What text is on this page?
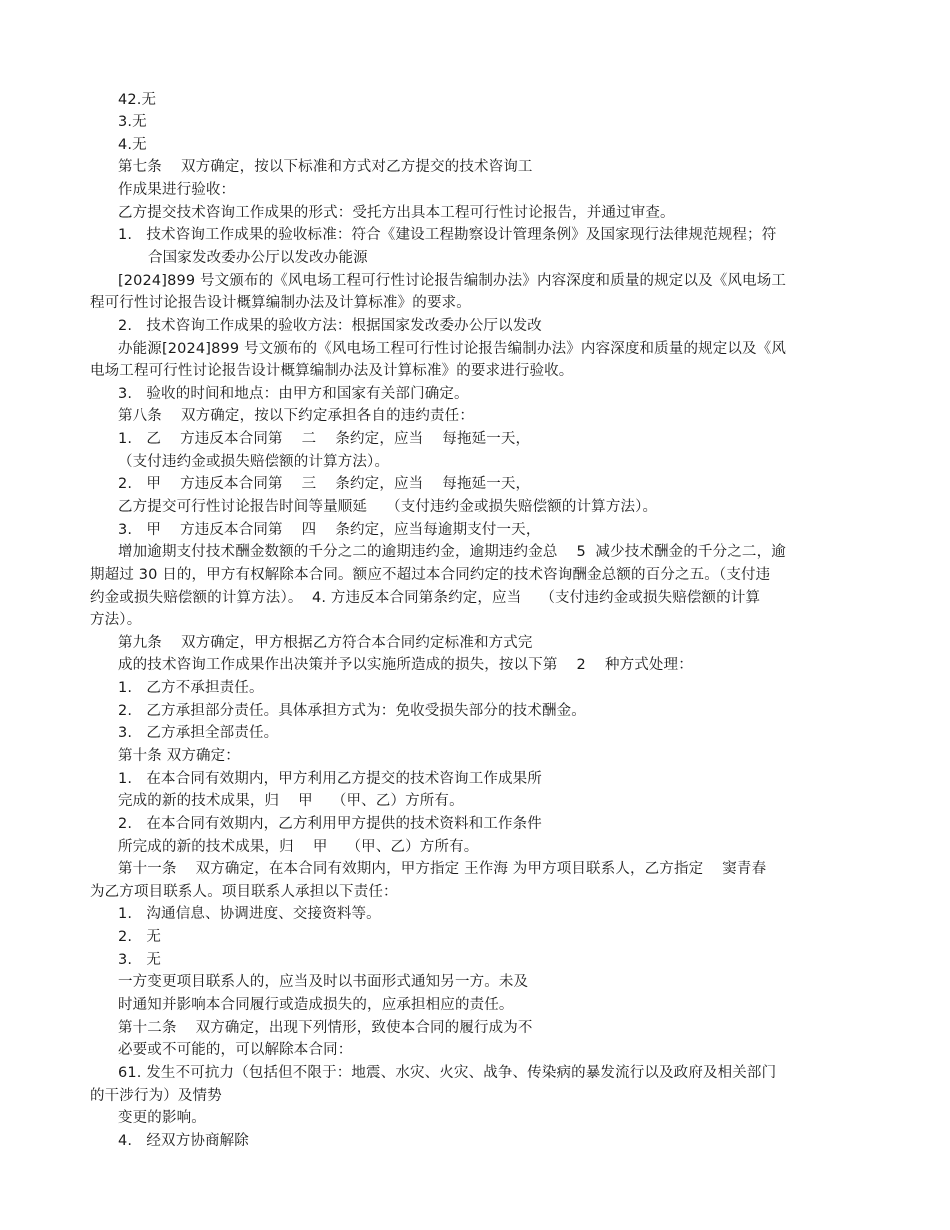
42.无
3.无
4.无
第七条    双方确定，按以下标准和方式对乙方提交的技术咨询工
作成果进行验收：
乙方提交技术咨询工作成果的形式：受托方出具本工程可行性讨论报告，并通过审查。
1.   技术咨询工作成果的验收标准：符合《建设工程勘察设计管理条例》及国家现行法律规范规程；符
合国家发改委办公厅以发改办能源
[2024]899 号文颁布的《风电场工程可行性讨论报告编制办法》内容深度和质量的规定以及《风电场工
程可行性讨论报告设计概算编制办法及计算标准》的要求。
2.   技术咨询工作成果的验收方法：根据国家发改委办公厅以发改
办能源[2024]899 号文颁布的《风电场工程可行性讨论报告编制办法》内容深度和质量的规定以及《风
电场工程可行性讨论报告设计概算编制办法及计算标准》的要求进行验收。
3.   验收的时间和地点：由甲方和国家有关部门确定。
第八条    双方确定，按以下约定承担各自的违约责任：
1.   乙    方违反本合同第    二    条约定，应当    每拖延一天，
（支付违约金或损失赔偿额的计算方法）。
2.   甲    方违反本合同第    三    条约定，应当    每拖延一天，
乙方提交可行性讨论报告时间等量顺延    （支付违约金或损失赔偿额的计算方法）。
3.   甲    方违反本合同第    四    条约定，应当每逾期支付一天，
增加逾期支付技术酬金数额的千分之二的逾期违约金，逾期违约金总    5  减少技术酬金的千分之二，逾
期超过 30 日的，甲方有权解除本合同。额应不超过本合同约定的技术咨询酬金总额的百分之五。（支付违
约金或损失赔偿额的计算方法）。  4. 方违反本合同第条约定，应当    （支付违约金或损失赔偿额的计算
方法）。
第九条    双方确定，甲方根据乙方符合本合同约定标准和方式完
成的技术咨询工作成果作出决策并予以实施所造成的损失，按以下第    2    种方式处理：
1.   乙方不承担责任。
2.   乙方承担部分责任。具体承担方式为：免收受损失部分的技术酬金。
3.   乙方承担全部责任。
第十条 双方确定：
1.   在本合同有效期内，甲方利用乙方提交的技术咨询工作成果所
完成的新的技术成果，归    甲    （甲、乙）方所有。
2.   在本合同有效期内，乙方利用甲方提供的技术资料和工作条件
所完成的新的技术成果，归    甲    （甲、乙）方所有。
第十一条    双方确定，在本合同有效期内，甲方指定 王作海 为甲方项目联系人，乙方指定    窦青春
为乙方项目联系人。项目联系人承担以下责任：
1.   沟通信息、协调进度、交接资料等。
2.   无
3.   无
一方变更项目联系人的，应当及时以书面形式通知另一方。未及
时通知并影响本合同履行或造成损失的，应承担相应的责任。
第十二条    双方确定，出现下列情形，致使本合同的履行成为不
必要或不可能的，可以解除本合同：
61. 发生不可抗力（包括但不限于：地震、水灾、火灾、战争、传染病的暴发流行以及政府及相关部门
的干涉行为）及情势
变更的影响。
4.   经双方协商解除
